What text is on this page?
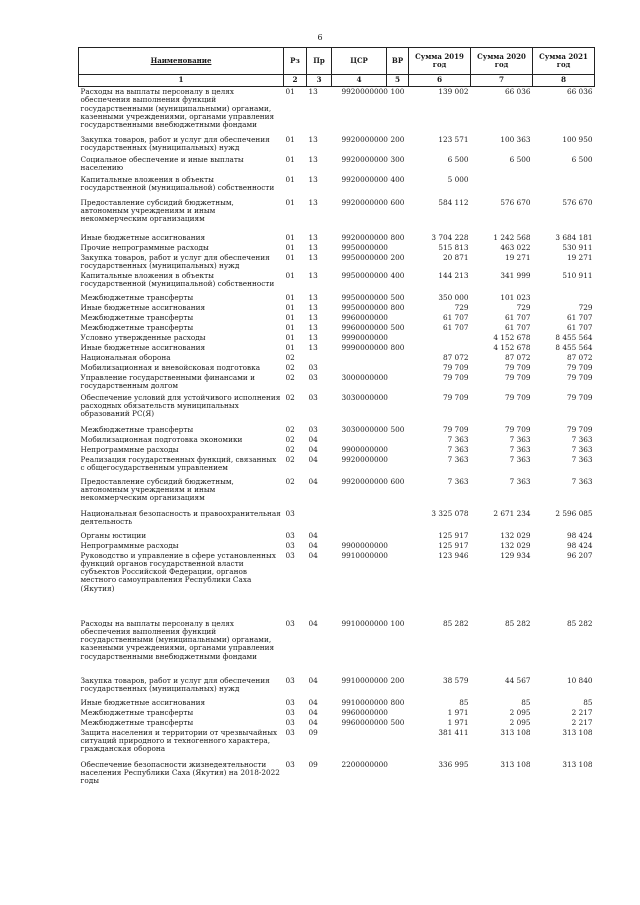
6
Наименование	Рз	Пр	ЦСР	ВР	Сумма 2019 год	Сумма 2020 год	Сумма 2021 год
1	2	3	4	5	6	7	8
Расходы на выплаты персоналу в целях обеспечения выполнения функций государственными (муниципальными) органами, казенными учреждениями, органами управления государственными внебюджетными фондами	01	13	9920000000	100	139 002	66 036	66 036
Закупка товаров, работ и услуг для обеспечения государственных (муниципальных) нужд	01	13	9920000000	200	123 571	100 363	100 950
Социальное обеспечение и иные выплаты населению	01	13	9920000000	300	6 500	6 500	6 500
Капитальные вложения в объекты государственной (муниципальной) собственности	01	13	9920000000	400	5 000		
Предоставление субсидий бюджетным, автономным учреждениям и иным некоммерческим организациям	01	13	9920000000	600	584 112	576 670	576 670
Иные бюджетные ассигнования	01	13	9920000000	800	3 704 228	1 242 568	3 684 181
Прочие непрограммные расходы	01	13	9950000000		515 813	463 022	530 911
Закупка товаров, работ и услуг для обеспечения государственных (муниципальных) нужд	01	13	9950000000	200	20 871	19 271	19 271
Капитальные вложения в объекты государственной (муниципальной) собственности	01	13	9950000000	400	144 213	341 999	510 911
Межбюджетные трансферты	01	13	9950000000	500	350 000	101 023	
Иные бюджетные ассигнования	01	13	9950000000	800	729	729	729
Межбюджетные трансферты	01	13	9960000000		61 707	61 707	61 707
Межбюджетные трансферты	01	13	9960000000	500	61 707	61 707	61 707
Условно утвержденные расходы	01	13	9990000000			4 152 678	8 455 564
Иные бюджетные ассигнования	01	13	9990000000	800		4 152 678	8 455 564
Национальная оборона	02				87 072	87 072	87 072
Мобилизационная и вневойсковая подготовка	02	03			79 709	79 709	79 709
Управление государственными финансами и государственным долгом	02	03	3000000000		79 709	79 709	79 709
Обеспечение условий для устойчивого исполнения расходных обязательств муниципальных образований РС(Я)	02	03	3030000000		79 709	79 709	79 709
Межбюджетные трансферты	02	03	3030000000	500	79 709	79 709	79 709
Мобилизационная подготовка экономики	02	04			7 363	7 363	7 363
Непрограммные расходы	02	04	9900000000		7 363	7 363	7 363
Реализация государственных функций, связанных с общегосударственным управлением	02	04	9920000000		7 363	7 363	7 363
Предоставление субсидий бюджетным, автономным учреждениям и иным некоммерческим организациям	02	04	9920000000	600	7 363	7 363	7 363
Национальная безопасность и правоохранительная деятельность	03				3 325 078	2 671 234	2 596 085
Органы юстиции	03	04			125 917	132 029	98 424
Непрограммные расходы	03	04	9900000000		125 917	132 029	98 424
Руководство и управление в сфере установленных функций органов государственной власти субъектов Российской Федерации, органов местного самоуправления Республики Саха (Якутия)	03	04	9910000000		123 946	129 934	96 207
Расходы на выплаты персоналу в целях обеспечения выполнения функций государственными (муниципальными) органами, казенными учреждениями, органами управления государственными внебюджетными фондами	03	04	9910000000	100	85 282	85 282	85 282
Закупка товаров, работ и услуг для обеспечения государственных (муниципальных) нужд	03	04	9910000000	200	38 579	44 567	10 840
Иные бюджетные ассигнования	03	04	9910000000	800	85	85	85
Межбюджетные трансферты	03	04	9960000000		1 971	2 095	2 217
Межбюджетные трансферты	03	04	9960000000	500	1 971	2 095	2 217
Защита населения и территории от чрезвычайных ситуаций природного и техногенного характера, гражданская оборона	03	09			381 411	313 108	313 108
Обеспечение безопасности жизнедеятельности населения Республики Саха (Якутия) на 2018-2022 годы	03	09	2200000000		336 995	313 108	313 108
